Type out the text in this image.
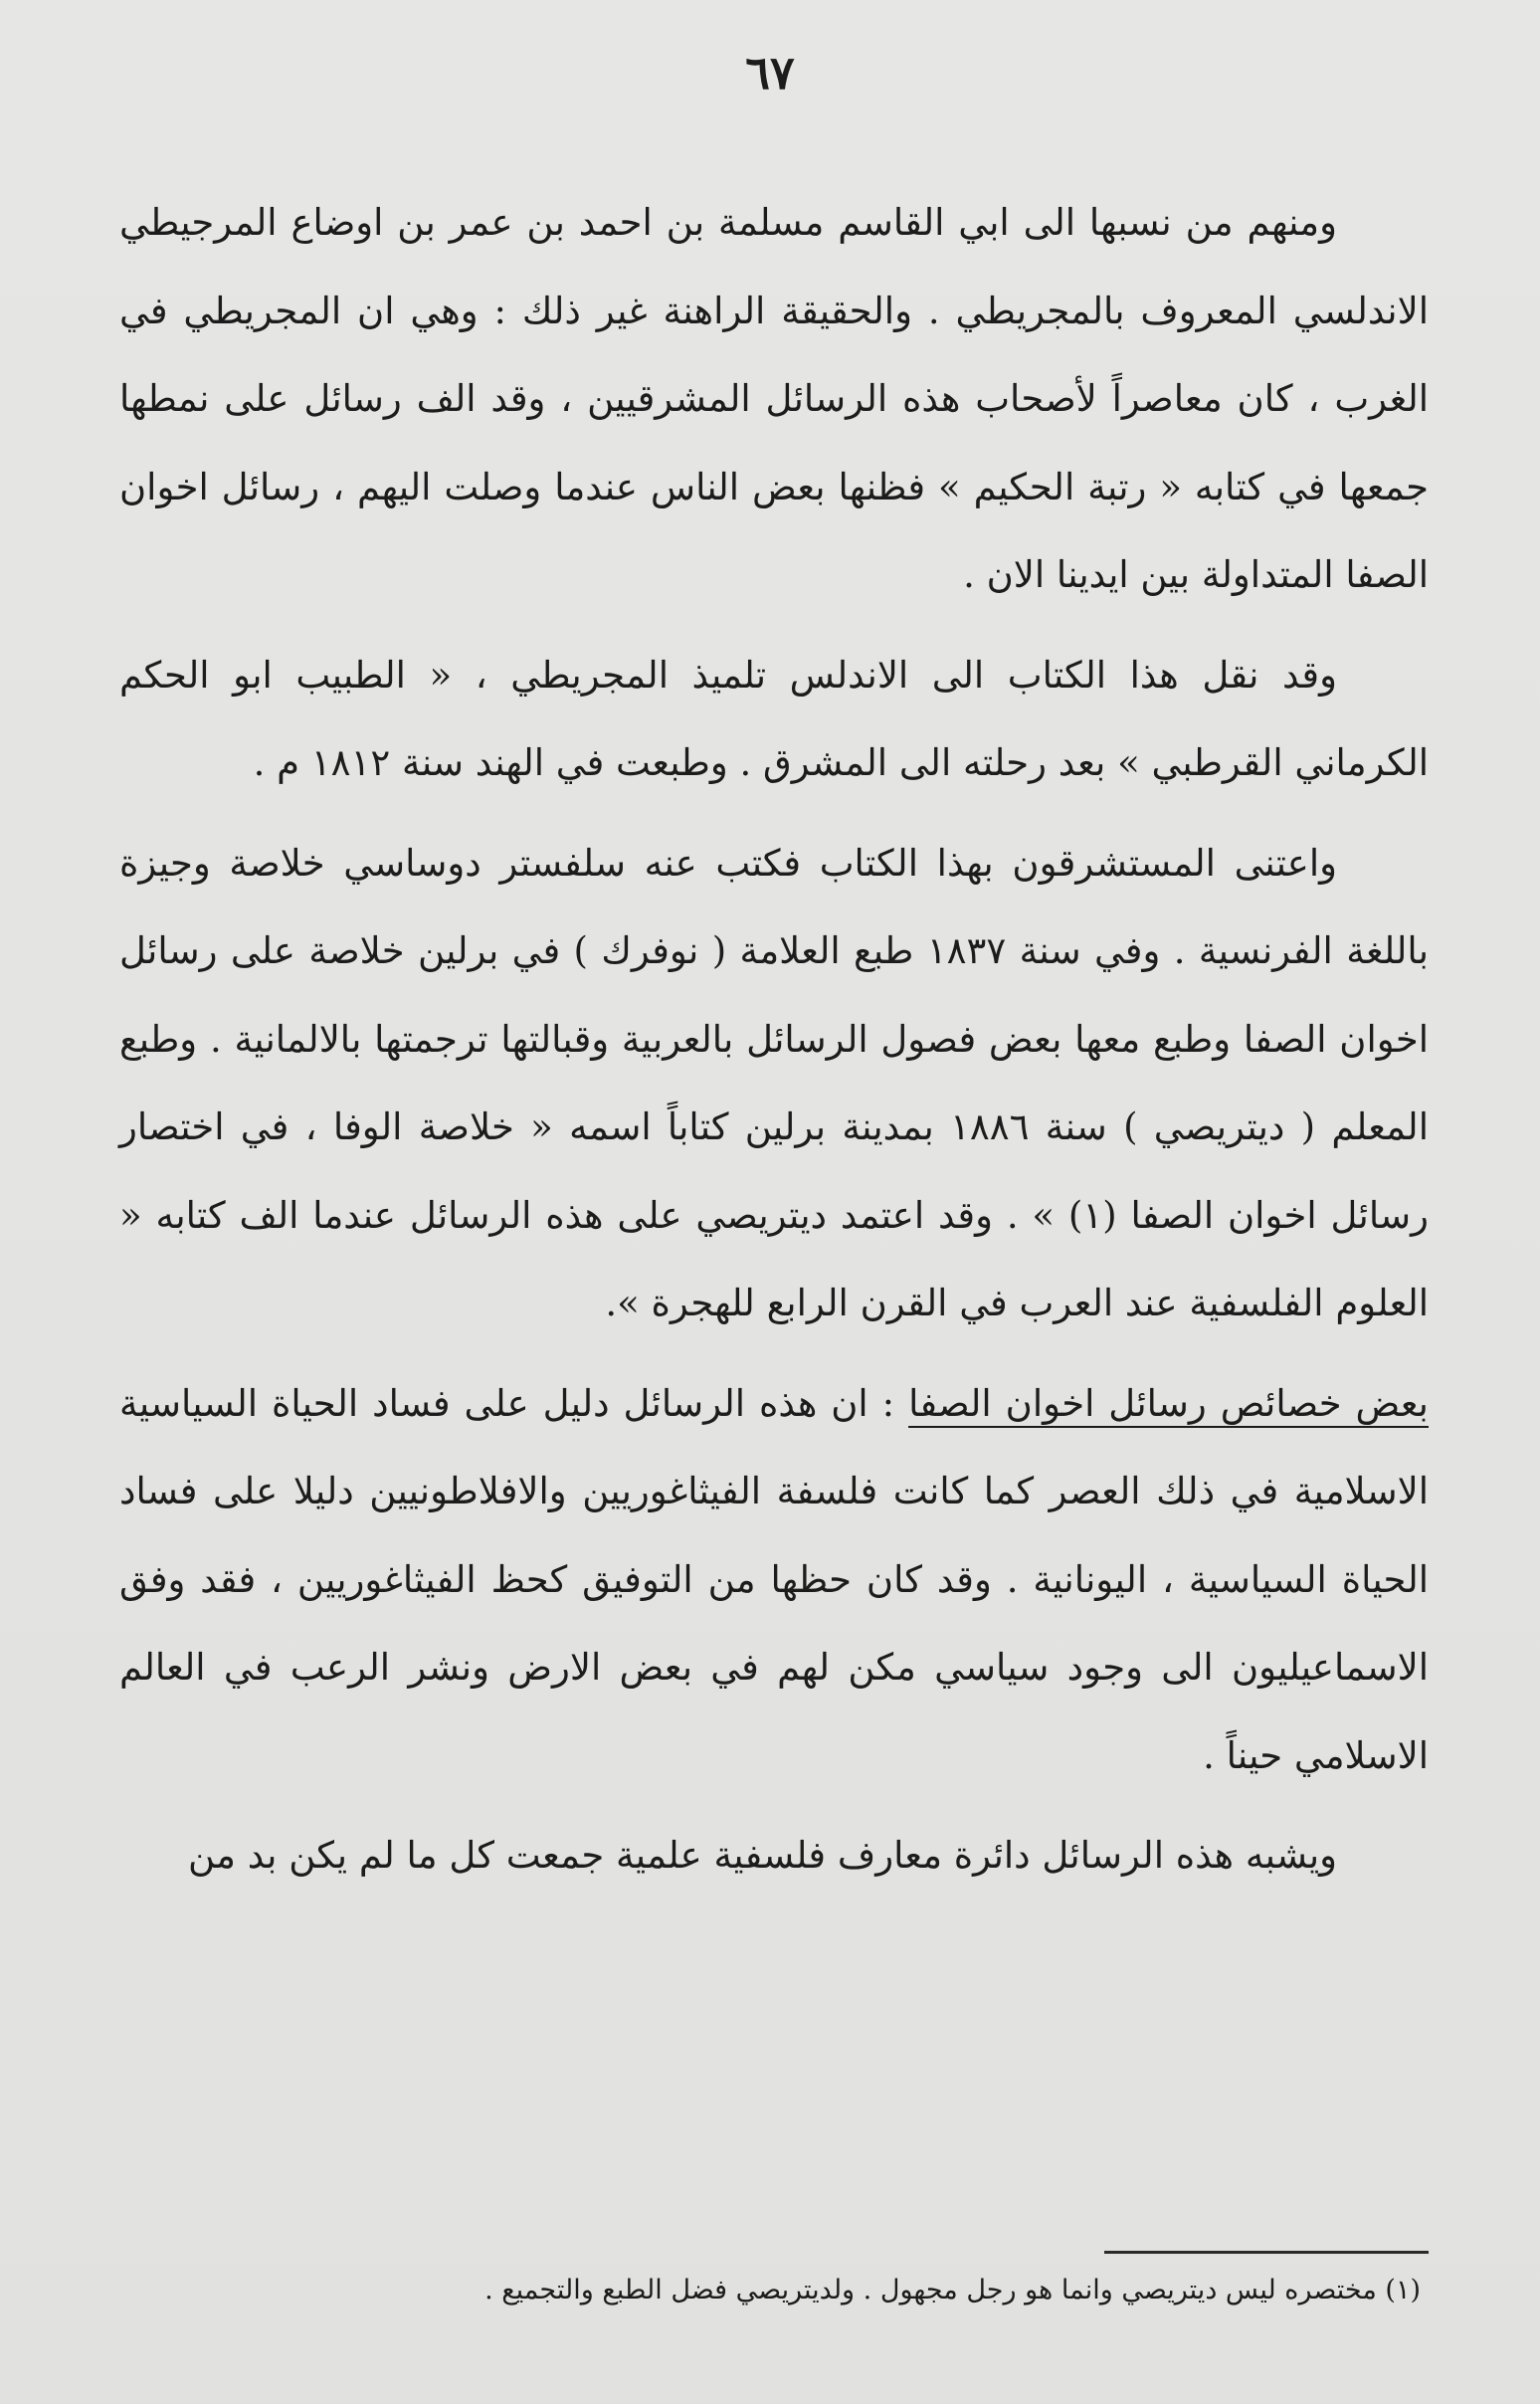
٦٧

ومنهم من نسبها الى ابي القاسم مسلمة بن احمد بن عمر بن اوضاع المرجيطي الاندلسي المعروف بالمجريطي . والحقيقة الراهنة غير ذلك : وهي ان المجريطي في الغرب ، كان معاصراً لأصحاب هذه الرسائل المشرقيين ، وقد الف رسائل على نمطها جمعها في كتابه « رتبة الحكيم » فظنها بعض الناس عندما وصلت اليهم ، رسائل اخوان الصفا المتداولة بين ايدينا الان .

وقد نقل هذا الكتاب الى الاندلس تلميذ المجريطي ، « الطبيب ابو الحكم الكرماني القرطبي » بعد رحلته الى المشرق . وطبعت في الهند سنة ١٨١٢ م .

واعتنى المستشرقون بهذا الكتاب فكتب عنه سلفستر دوساسي خلاصة وجيزة باللغة الفرنسية . وفي سنة ١٨٣٧ طبع العلامة ( نوفرك ) في برلين خلاصة على رسائل اخوان الصفا وطبع معها بعض فصول الرسائل بالعربية وقبالتها ترجمتها بالالمانية . وطبع المعلم ( ديتريصي ) سنة ١٨٨٦ بمدينة برلين كتاباً اسمه « خلاصة الوفا ، في اختصار رسائل اخوان الصفا (١) » . وقد اعتمد ديتريصي على هذه الرسائل عندما الف كتابه « العلوم الفلسفية عند العرب في القرن الرابع للهجرة ».

بعض خصائص رسائل اخوان الصفا : ان هذه الرسائل دليل على فساد الحياة السياسية الاسلامية في ذلك العصر كما كانت فلسفة الفيثاغوريين والافلاطونيين دليلا على فساد الحياة السياسية ، اليونانية . وقد كان حظها من التوفيق كحظ الفيثاغوريين ، فقد وفق الاسماعيليون الى وجود سياسي مكن لهم في بعض الارض ونشر الرعب في العالم الاسلامي حيناً .

ويشبه هذه الرسائل دائرة معارف فلسفية علمية جمعت كل ما لم يكن بد من

(١) مختصره ليس ديتريصي وانما هو رجل مجهول . ولديتريصي فضل الطبع والتجميع .
